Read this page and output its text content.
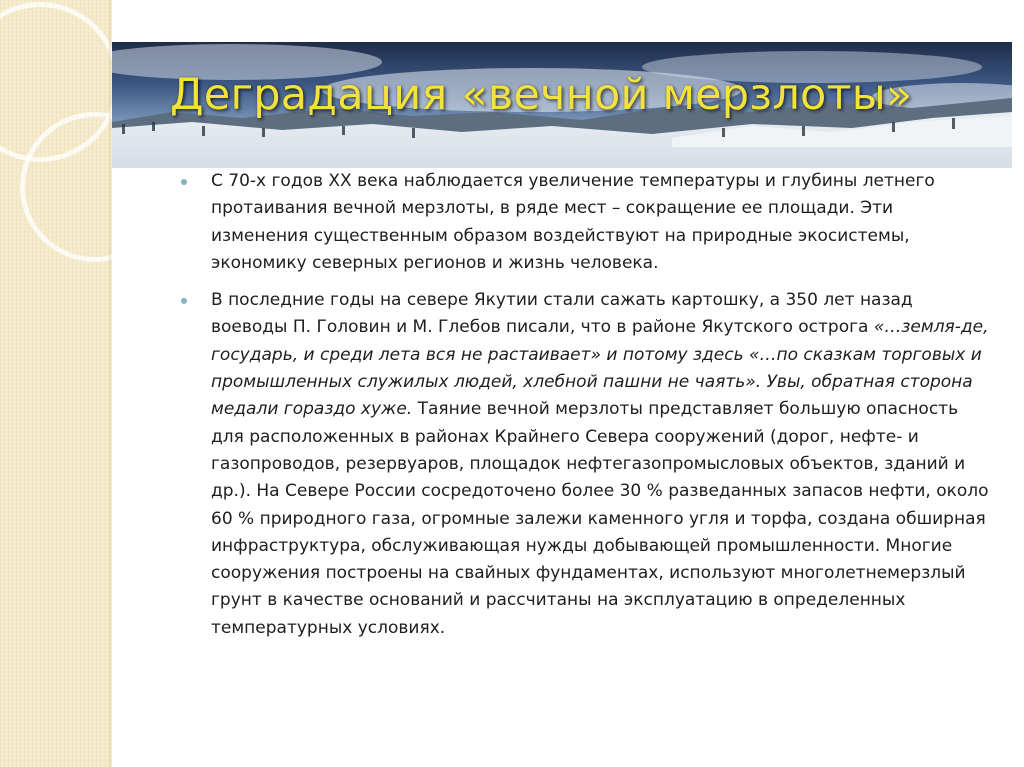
Деградация «вечной мерзлоты»
С 70-х годов XX века наблюдается увеличение температуры и глубины летнего протаивания вечной мерзлоты, в ряде мест – сокращение ее площади. Эти изменения существенным образом воздействуют на природные экосистемы, экономику северных регионов и жизнь человека.
В последние годы на севере Якутии стали сажать картошку, а 350 лет назад воеводы П. Головин и М. Глебов писали, что в районе Якутского острога «…земля-де, государь, и среди лета вся не растаивает» и потому здесь «…по сказкам торговых и промышленных служилых людей, хлебной пашни не чаять». Увы, обратная сторона медали гораздо хуже. Таяние вечной мерзлоты представляет большую опасность для расположенных в районах Крайнего Севера сооружений (дорог, нефте- и газопроводов, резервуаров, площадок нефтегазопромысловых объектов, зданий и др.). На Севере России сосредоточено более 30 % разведанных запасов нефти, около 60 % природного газа, огромные залежи каменного угля и торфа, создана обширная инфраструктура, обслуживающая нужды добывающей промышленности. Многие сооружения построены на свайных фундаментах, используют многолетнемерзлый грунт в качестве оснований и рассчитаны на эксплуатацию в определенных температурных условиях.
